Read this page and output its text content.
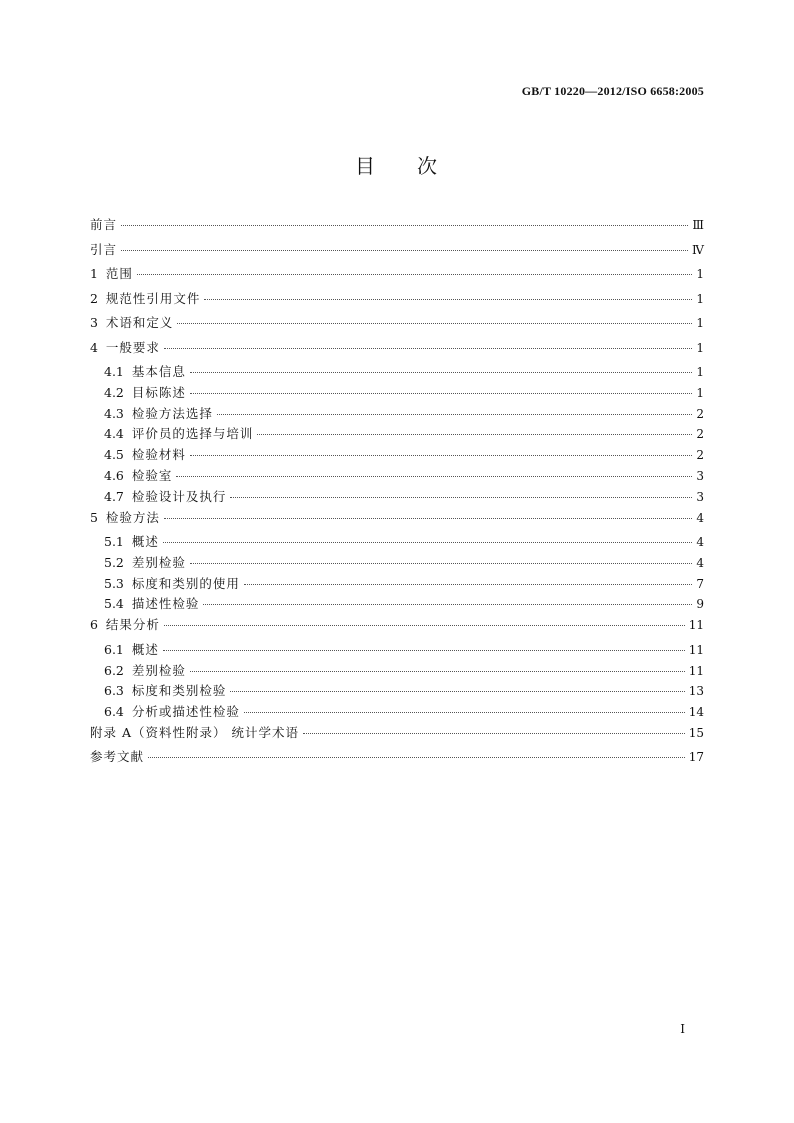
GB/T 10220—2012/ISO 6658:2005
目 次
前言	Ⅲ
引言	Ⅳ
1 范围	1
2 规范性引用文件	1
3 术语和定义	1
4 一般要求	1
4.1 基本信息	1
4.2 目标陈述	1
4.3 检验方法选择	2
4.4 评价员的选择与培训	2
4.5 检验材料	2
4.6 检验室	3
4.7 检验设计及执行	3
5 检验方法	4
5.1 概述	4
5.2 差别检验	4
5.3 标度和类别的使用	7
5.4 描述性检验	9
6 结果分析	11
6.1 概述	11
6.2 差别检验	11
6.3 标度和类别检验	13
6.4 分析或描述性检验	14
附录 A（资料性附录） 统计学术语	15
参考文献	17
Ⅰ
